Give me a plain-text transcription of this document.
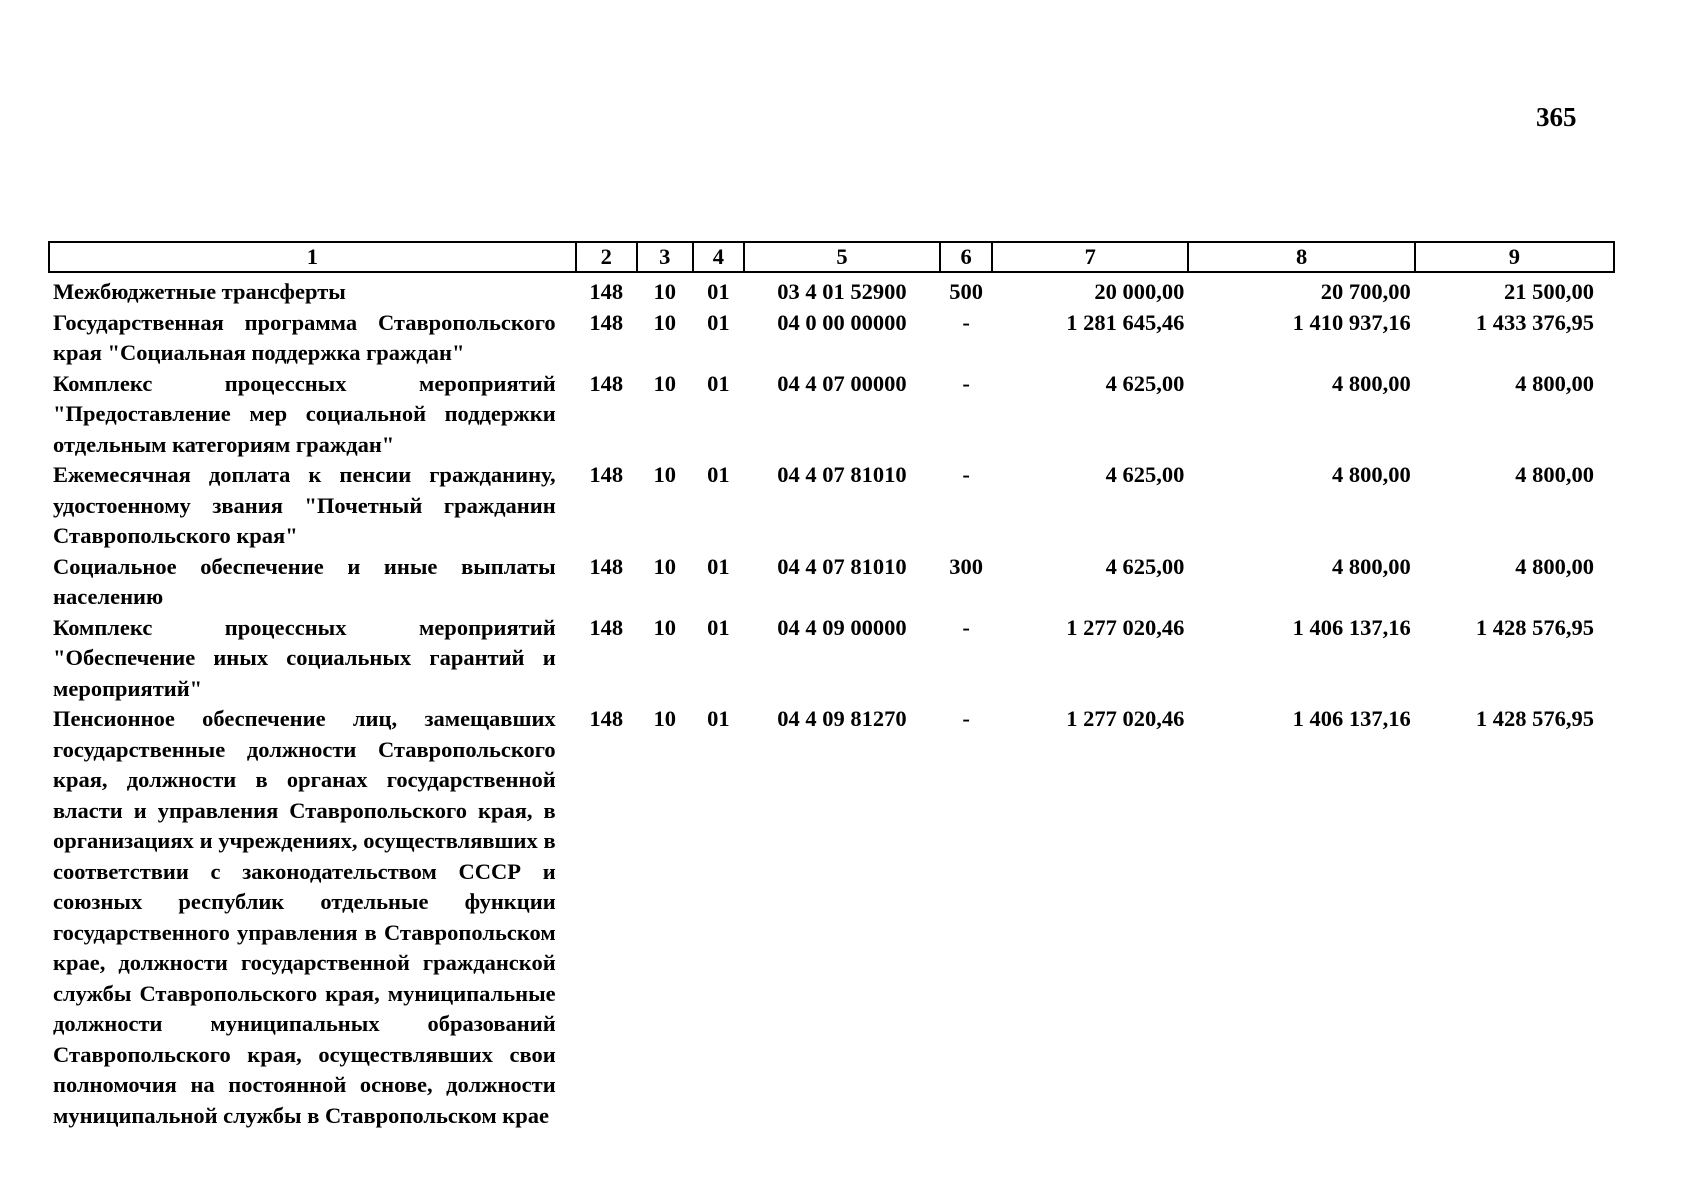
365
1	2	3	4	5	6	7	8	9
Межбюджетные трансферты	148	10	01	03 4 01 52900	500	20 000,00	20 700,00	21 500,00
Государственная программа Ставропольского края "Социальная поддержка граждан"	148	10	01	04 0 00 00000	-	1 281 645,46	1 410 937,16	1 433 376,95
Комплекс процессных мероприятий "Предоставление мер социальной поддержки отдельным категориям граждан"	148	10	01	04 4 07 00000	-	4 625,00	4 800,00	4 800,00
Ежемесячная доплата к пенсии гражданину, удостоенному звания "Почетный гражданин Ставропольского края"	148	10	01	04 4 07 81010	-	4 625,00	4 800,00	4 800,00
Социальное обеспечение и иные выплаты населению	148	10	01	04 4 07 81010	300	4 625,00	4 800,00	4 800,00
Комплекс процессных мероприятий "Обеспечение иных социальных гарантий и мероприятий"	148	10	01	04 4 09 00000	-	1 277 020,46	1 406 137,16	1 428 576,95
Пенсионное обеспечение лиц, замещавших государственные должности Ставропольского края, должности в органах государственной власти и управления Ставропольского края, в организациях и учреждениях, осуществлявших в соответствии с законодательством СССР и союзных республик отдельные функции государственного управления в Ставропольском крае, должности государственной гражданской службы Ставропольского края, муниципальные должности муниципальных образований Ставропольского края, осуществлявших свои полномочия на постоянной основе, должности муниципальной службы в Ставропольском крае	148	10	01	04 4 09 81270	-	1 277 020,46	1 406 137,16	1 428 576,95
